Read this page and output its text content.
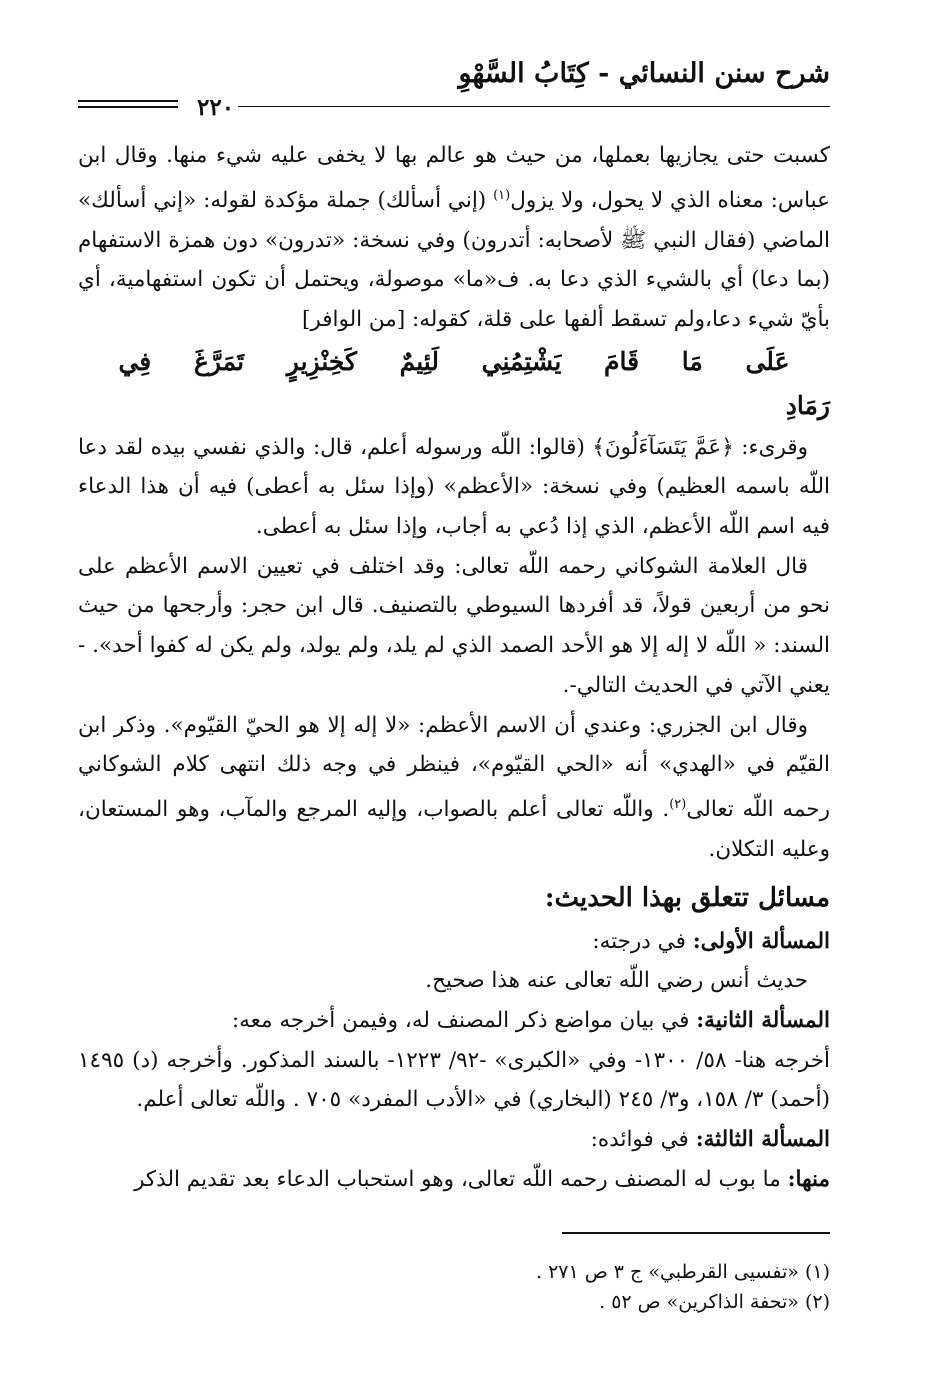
شرح سنن النسائي - كِتَابُ السَّهْوِ
٢٢٠

كسبت حتى يجازيها بعملها، من حيث هو عالم بها لا يخفى عليه شيء منها. وقال ابن عباس: معناه الذي لا يحول، ولا يزول$^{(١)}$ (إني أسألك) جملة مؤكدة لقوله: «إني أسألك» الماضي (فقال النبي ﷺ لأصحابه: أتدرون) وفي نسخة: «تدرون» دون همزة الاستفهام (بما دعا) أي بالشيء الذي دعا به. ف«ما» موصولة، ويحتمل أن تكون استفهامية، أي بأيّ شيء دعا،ولم تسقط ألفها على قلة، كقوله: [من الوافر]

عَلَى مَا قَامَ يَشْتِمُنِي لَئِيمٌ كَخِنْزِيرٍ تَمَرَّغَ فِي رَمَادِ

وقرىء: ﴿عَمَّ يَتَسَآءَلُونَ﴾ (قالوا: اللّه ورسوله أعلم، قال: والذي نفسي بيده لقد دعا اللّه باسمه العظيم) وفي نسخة: «الأعظم» (وإذا سئل به أعطى) فيه أن هذا الدعاء فيه اسم اللّه الأعظم، الذي إذا دُعي به أجاب، وإذا سئل به أعطى.

قال العلامة الشوكاني رحمه اللّه تعالى: وقد اختلف في تعيين الاسم الأعظم على نحو من أربعين قولاً، قد أفردها السيوطي بالتصنيف. قال ابن حجر: وأرجحها من حيث السند: « اللّه لا إله إلا هو الأحد الصمد الذي لم يلد، ولم يولد، ولم يكن له كفوا أحد». - يعني الآتي في الحديث التالي-.

وقال ابن الجزري: وعندي أن الاسم الأعظم: «لا إله إلا هو الحيّ القيّوم». وذكر ابن القيّم في «الهدي» أنه «الحي القيّوم»، فينظر في وجه ذلك انتهى كلام الشوكاني رحمه اللّه تعالى$^{(٢)}$. واللّه تعالى أعلم بالصواب، وإليه المرجع والمآب، وهو المستعان، وعليه التكلان.

مسائل تتعلق بهذا الحديث:

المسألة الأولى: في درجته:

حديث أنس رضي اللّه تعالى عنه هذا صحيح.

المسألة الثانية: في بيان مواضع ذكر المصنف له، وفيمن أخرجه معه:

أخرجه هنا- ٥٨/ ١٣٠٠- وفي «الكبرى» -٩٢/ ١٢٢٣- بالسند المذكور. وأخرجه (د) ١٤٩٥ (أحمد) ٣/ ١٥٨، و٣/ ٢٤٥ (البخاري) في «الأدب المفرد» ٧٠٥ . واللّه تعالى أعلم.

المسألة الثالثة: في فوائده:

منها: ما بوب له المصنف رحمه اللّه تعالى، وهو استحباب الدعاء بعد تقديم الذكر

(١) «تفسيى القرطبي» ج ٣ ص ٢٧١ .

(٢) «تحفة الذاكرين» ص ٥٢ .
